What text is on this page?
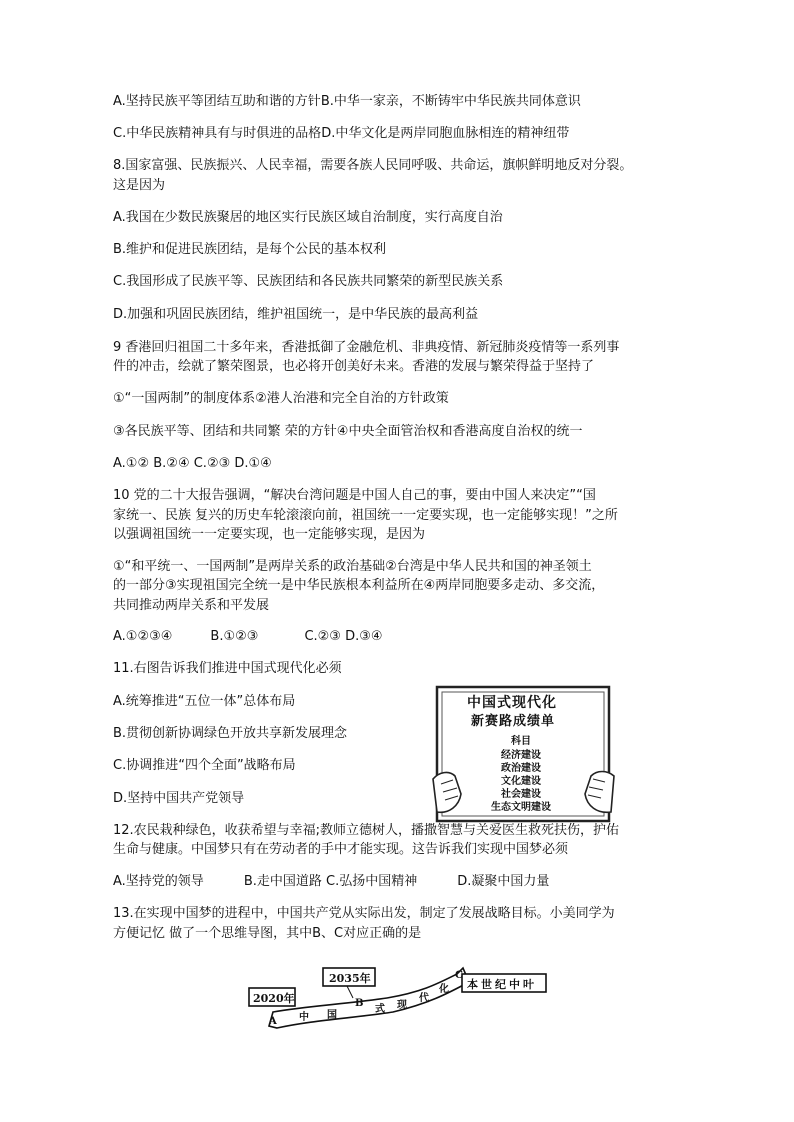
A.坚持民族平等团结互助和谐的方针B.中华一家亲，不断铸牢中华民族共同体意识
C.中华民族精神具有与时俱进的品格D.中华文化是两岸同胞血脉相连的精神纽带
8.国家富强、民族振兴、人民幸福，需要各族人民同呼吸、共命运，旗帜鲜明地反对分裂。
这是因为
A.我国在少数民族聚居的地区实行民族区域自治制度，实行高度自治
B.维护和促进民族团结，是每个公民的基本权利
C.我国形成了民族平等、民族团结和各民族共同繁荣的新型民族关系
D.加强和巩固民族团结，维护祖国统一，是中华民族的最高利益
9 香港回归祖国二十多年来，香港抵御了金融危机、非典疫情、新冠肺炎疫情等一系列事
件的冲击，绘就了繁荣图景，也必将开创美好未来。香港的发展与繁荣得益于坚持了
①“一国两制”的制度体系②港人治港和完全自治的方针政策
③各民族平等、团结和共同繁 荣的方针④中央全面管治权和香港高度自治权的统一
A.①② B.②④ C.②③ D.①④
10 党的二十大报告强调，“解决台湾问题是中国人自己的事，要由中国人来决定”“国
家统一、民族 复兴的历史车轮滚滚向前，祖国统一一定要实现，也一定能够实现！”之所
以强调祖国统一一定要实现，也一定能够实现，是因为
①“和平统一、一国两制”是两岸关系的政治基础②台湾是中华人民共和国的神圣领土
的一部分③实现祖国完全统一是中华民族根本利益所在④两岸同胞要多走动、多交流，
共同推动两岸关系和平发展
A.①②③④	B.①②③	C.②③ D.③④
11.右图告诉我们推进中国式现代化必须
A.统筹推进“五位一体”总体布局
B.贯彻创新协调绿色开放共享新发展理念
C.协调推进“四个全面”战略布局
D.坚持中国共产党领导
中国式现代化
新赛路成绩单
科目
经济建设
政治建设
文化建设
社会建设
生态文明建设
12.农民栽种绿色，收获希望与幸福;教师立德树人，播撒智慧与关爱医生救死扶伤，护佑
生命与健康。中国梦只有在劳动者的手中才能实现。这告诉我们实现中国梦必须
A.坚持党的领导	B.走中国道路 C.弘扬中国精神	D.凝聚中国力量
13.在实现中国梦的进程中，中国共产党从实际出发，制定了发展战略目标。小美同学为
方便记忆 做了一个思维导图，其中B、C对应正确的是
2020年
2035年	本世纪中叶
A
B
C
中 国
式 现
代
化
